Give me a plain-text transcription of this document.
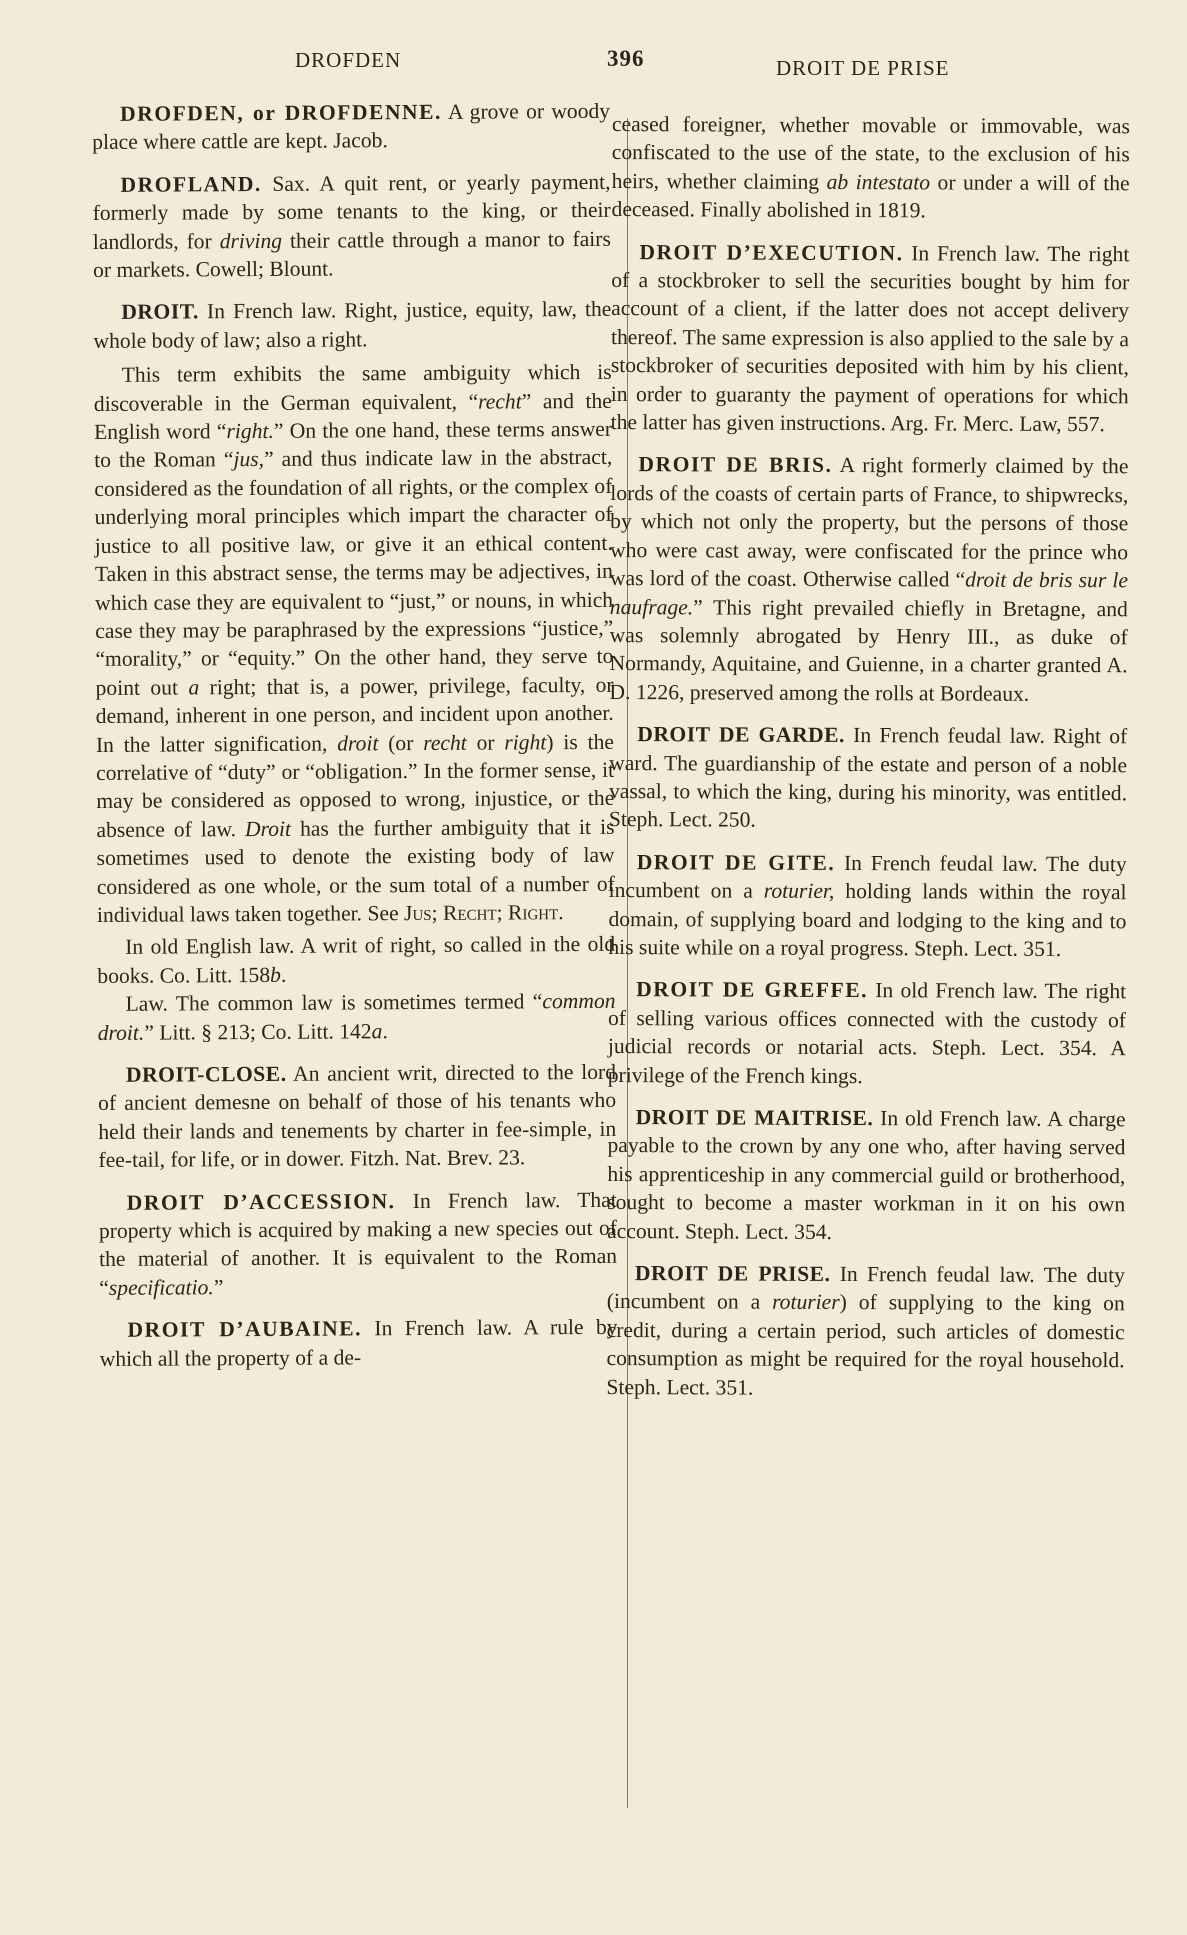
DROFDEN	396	DROIT DE PRISE

DROFDEN, or DROFDENNE. A grove or woody place where cattle are kept. Jacob.

DROFLAND. Sax. A quit rent, or yearly payment, formerly made by some tenants to the king, or their landlords, for driving their cattle through a manor to fairs or markets. Cowell; Blount.

DROIT. In French law. Right, justice, equity, law, the whole body of law; also a right.

This term exhibits the same ambiguity which is discoverable in the German equivalent, “recht” and the English word “right.” On the one hand, these terms answer to the Roman “jus,” and thus indicate law in the abstract, considered as the foundation of all rights, or the complex of underlying moral principles which impart the character of justice to all positive law, or give it an ethical content. Taken in this abstract sense, the terms may be adjectives, in which case they are equivalent to “just,” or nouns, in which case they may be paraphrased by the expressions “justice,” “morality,” or “equity.” On the other hand, they serve to point out a right; that is, a power, privilege, faculty, or demand, inherent in one person, and incident upon another. In the latter signification, droit (or recht or right) is the correlative of “duty” or “obligation.” In the former sense, it may be considered as opposed to wrong, injustice, or the absence of law. Droit has the further ambiguity that it is sometimes used to denote the existing body of law considered as one whole, or the sum total of a number of individual laws taken together. See Jus; Recht; Right.

In old English law. A writ of right, so called in the old books. Co. Litt. 158b.

Law. The common law is sometimes termed “common droit.” Litt. § 213; Co. Litt. 142a.

DROIT-CLOSE. An ancient writ, directed to the lord of ancient demesne on behalf of those of his tenants who held their lands and tenements by charter in fee-simple, in fee-tail, for life, or in dower. Fitzh. Nat. Brev. 23.

DROIT D’ACCESSION. In French law. That property which is acquired by making a new species out of the material of another. It is equivalent to the Roman “specificatio.”

DROIT D’AUBAINE. In French law. A rule by which all the property of a de-

ceased foreigner, whether movable or immovable, was confiscated to the use of the state, to the exclusion of his heirs, whether claiming ab intestato or under a will of the deceased. Finally abolished in 1819.

DROIT D’EXECUTION. In French law. The right of a stockbroker to sell the securities bought by him for account of a client, if the latter does not accept delivery thereof. The same expression is also applied to the sale by a stockbroker of securities deposited with him by his client, in order to guaranty the payment of operations for which the latter has given instructions. Arg. Fr. Merc. Law, 557.

DROIT DE BRIS. A right formerly claimed by the lords of the coasts of certain parts of France, to shipwrecks, by which not only the property, but the persons of those who were cast away, were confiscated for the prince who was lord of the coast. Otherwise called “droit de bris sur le naufrage.” This right prevailed chiefly in Bretagne, and was solemnly abrogated by Henry III., as duke of Normandy, Aquitaine, and Guienne, in a charter granted A. D. 1226, preserved among the rolls at Bordeaux.

DROIT DE GARDE. In French feudal law. Right of ward. The guardianship of the estate and person of a noble vassal, to which the king, during his minority, was entitled. Steph. Lect. 250.

DROIT DE GITE. In French feudal law. The duty incumbent on a roturier, holding lands within the royal domain, of supplying board and lodging to the king and to his suite while on a royal progress. Steph. Lect. 351.

DROIT DE GREFFE. In old French law. The right of selling various offices connected with the custody of judicial records or notarial acts. Steph. Lect. 354. A privilege of the French kings.

DROIT DE MAITRISE. In old French law. A charge payable to the crown by any one who, after having served his apprenticeship in any commercial guild or brotherhood, sought to become a master workman in it on his own account. Steph. Lect. 354.

DROIT DE PRISE. In French feudal law. The duty (incumbent on a roturier) of supplying to the king on credit, during a certain period, such articles of domestic consumption as might be required for the royal household. Steph. Lect. 351.
